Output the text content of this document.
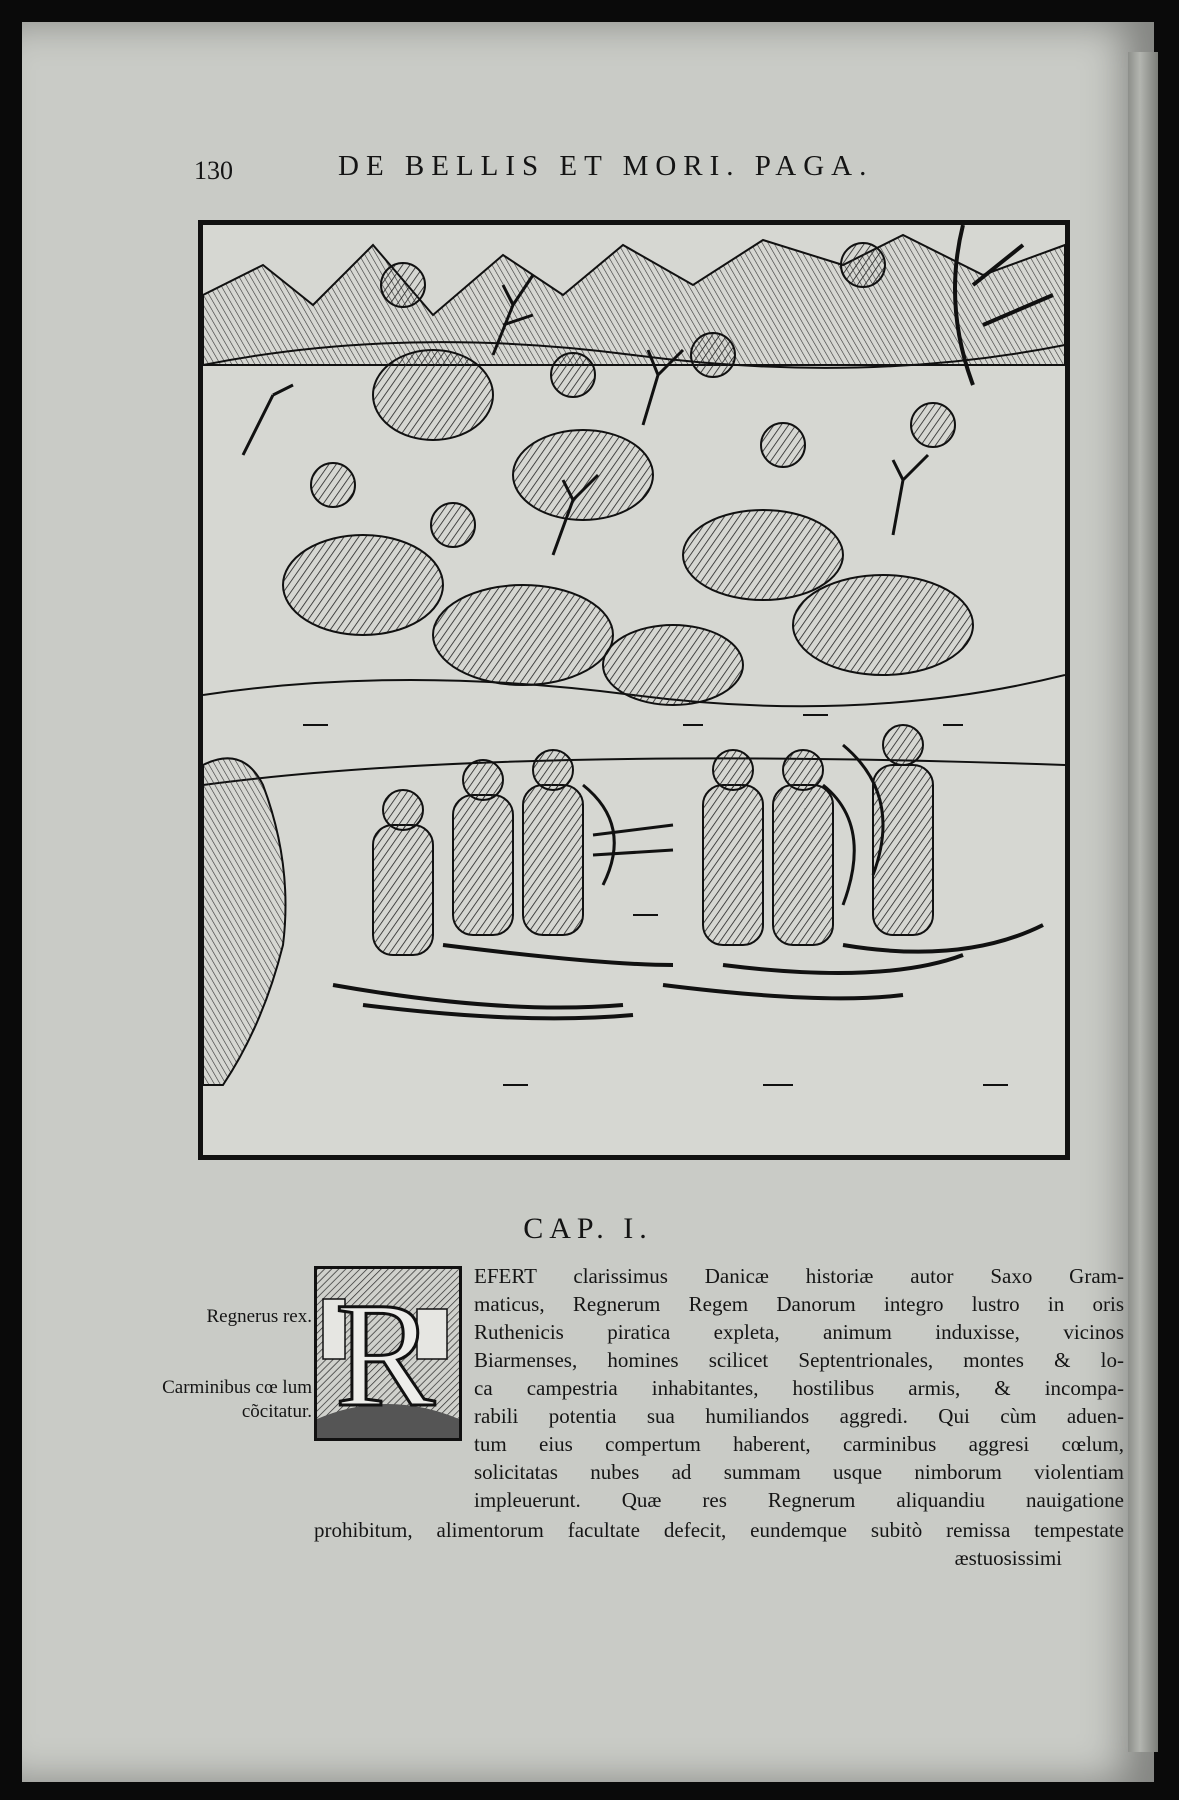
130	DE BELLIS ET MORI. PAGA.
CAP. I.
Regnerus rex.
Carminibus cœ lum cõcitatur. R EFERT clarissimus Danicæ historiæ autor Saxo Gram-
maticus, Regnerum Regem Danorum integro lustro in oris
Ruthenicis piratica expleta, animum induxisse, vicinos
Biarmenses, homines scilicet Septentrionales, montes & lo-
ca campestria inhabitantes, hostilibus armis, & incompa-
rabili potentia sua humiliandos aggredi. Qui cùm aduen-
tum eius compertum haberent, carminibus aggresi cœlum,
solicitatas nubes ad summam usque nimborum violentiam
impleuerunt. Quæ res Regnerum aliquandiu nauigatione
prohibitum, alimentorum facultate defecit, eundemque subitò remissa tempestate
æstuosissimi
